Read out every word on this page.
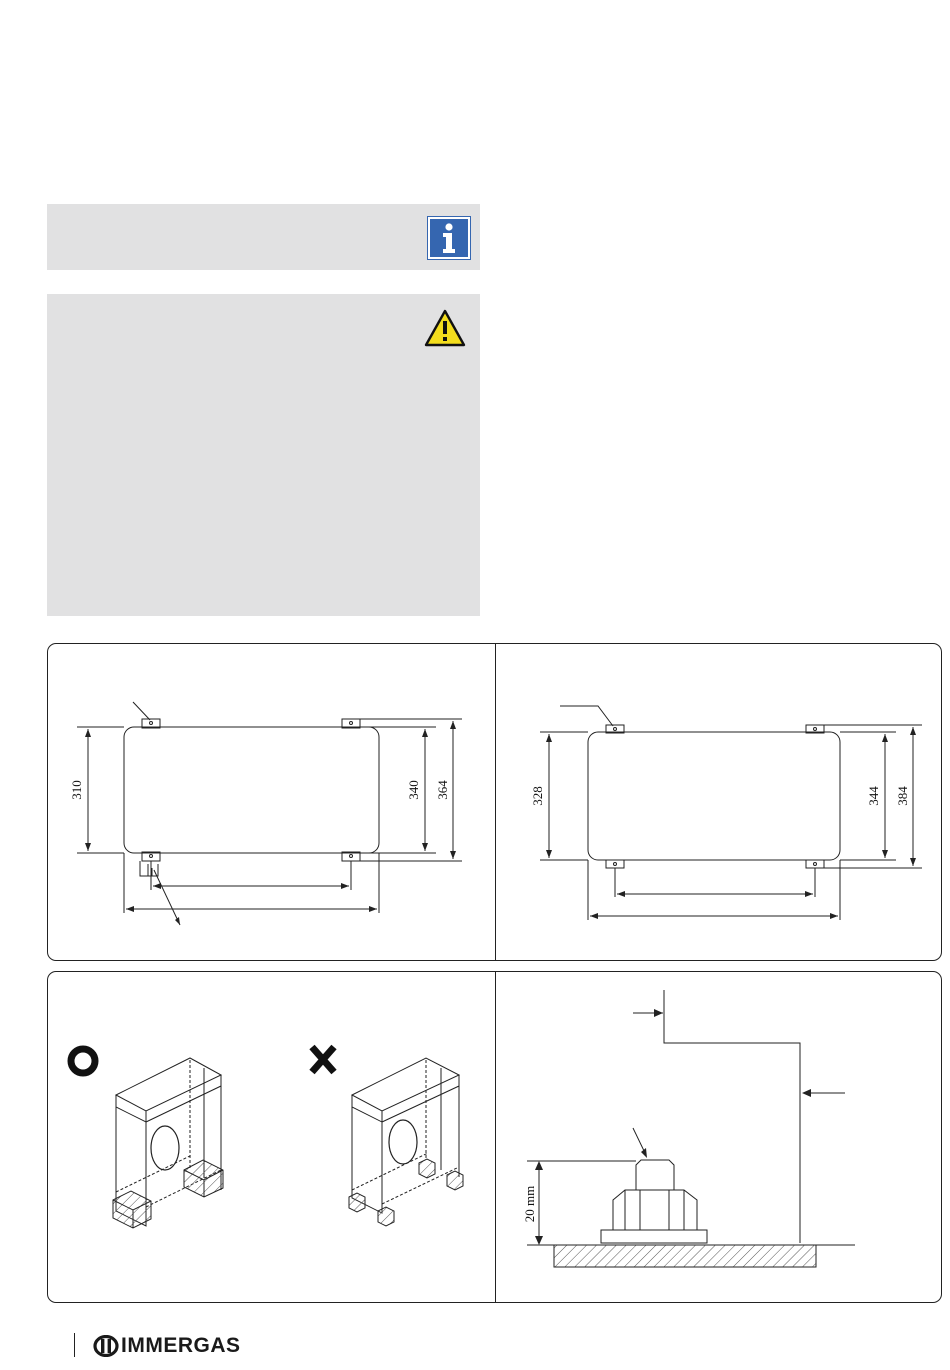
310	340 364	328	344 384
20 mm
IMMERGAS
